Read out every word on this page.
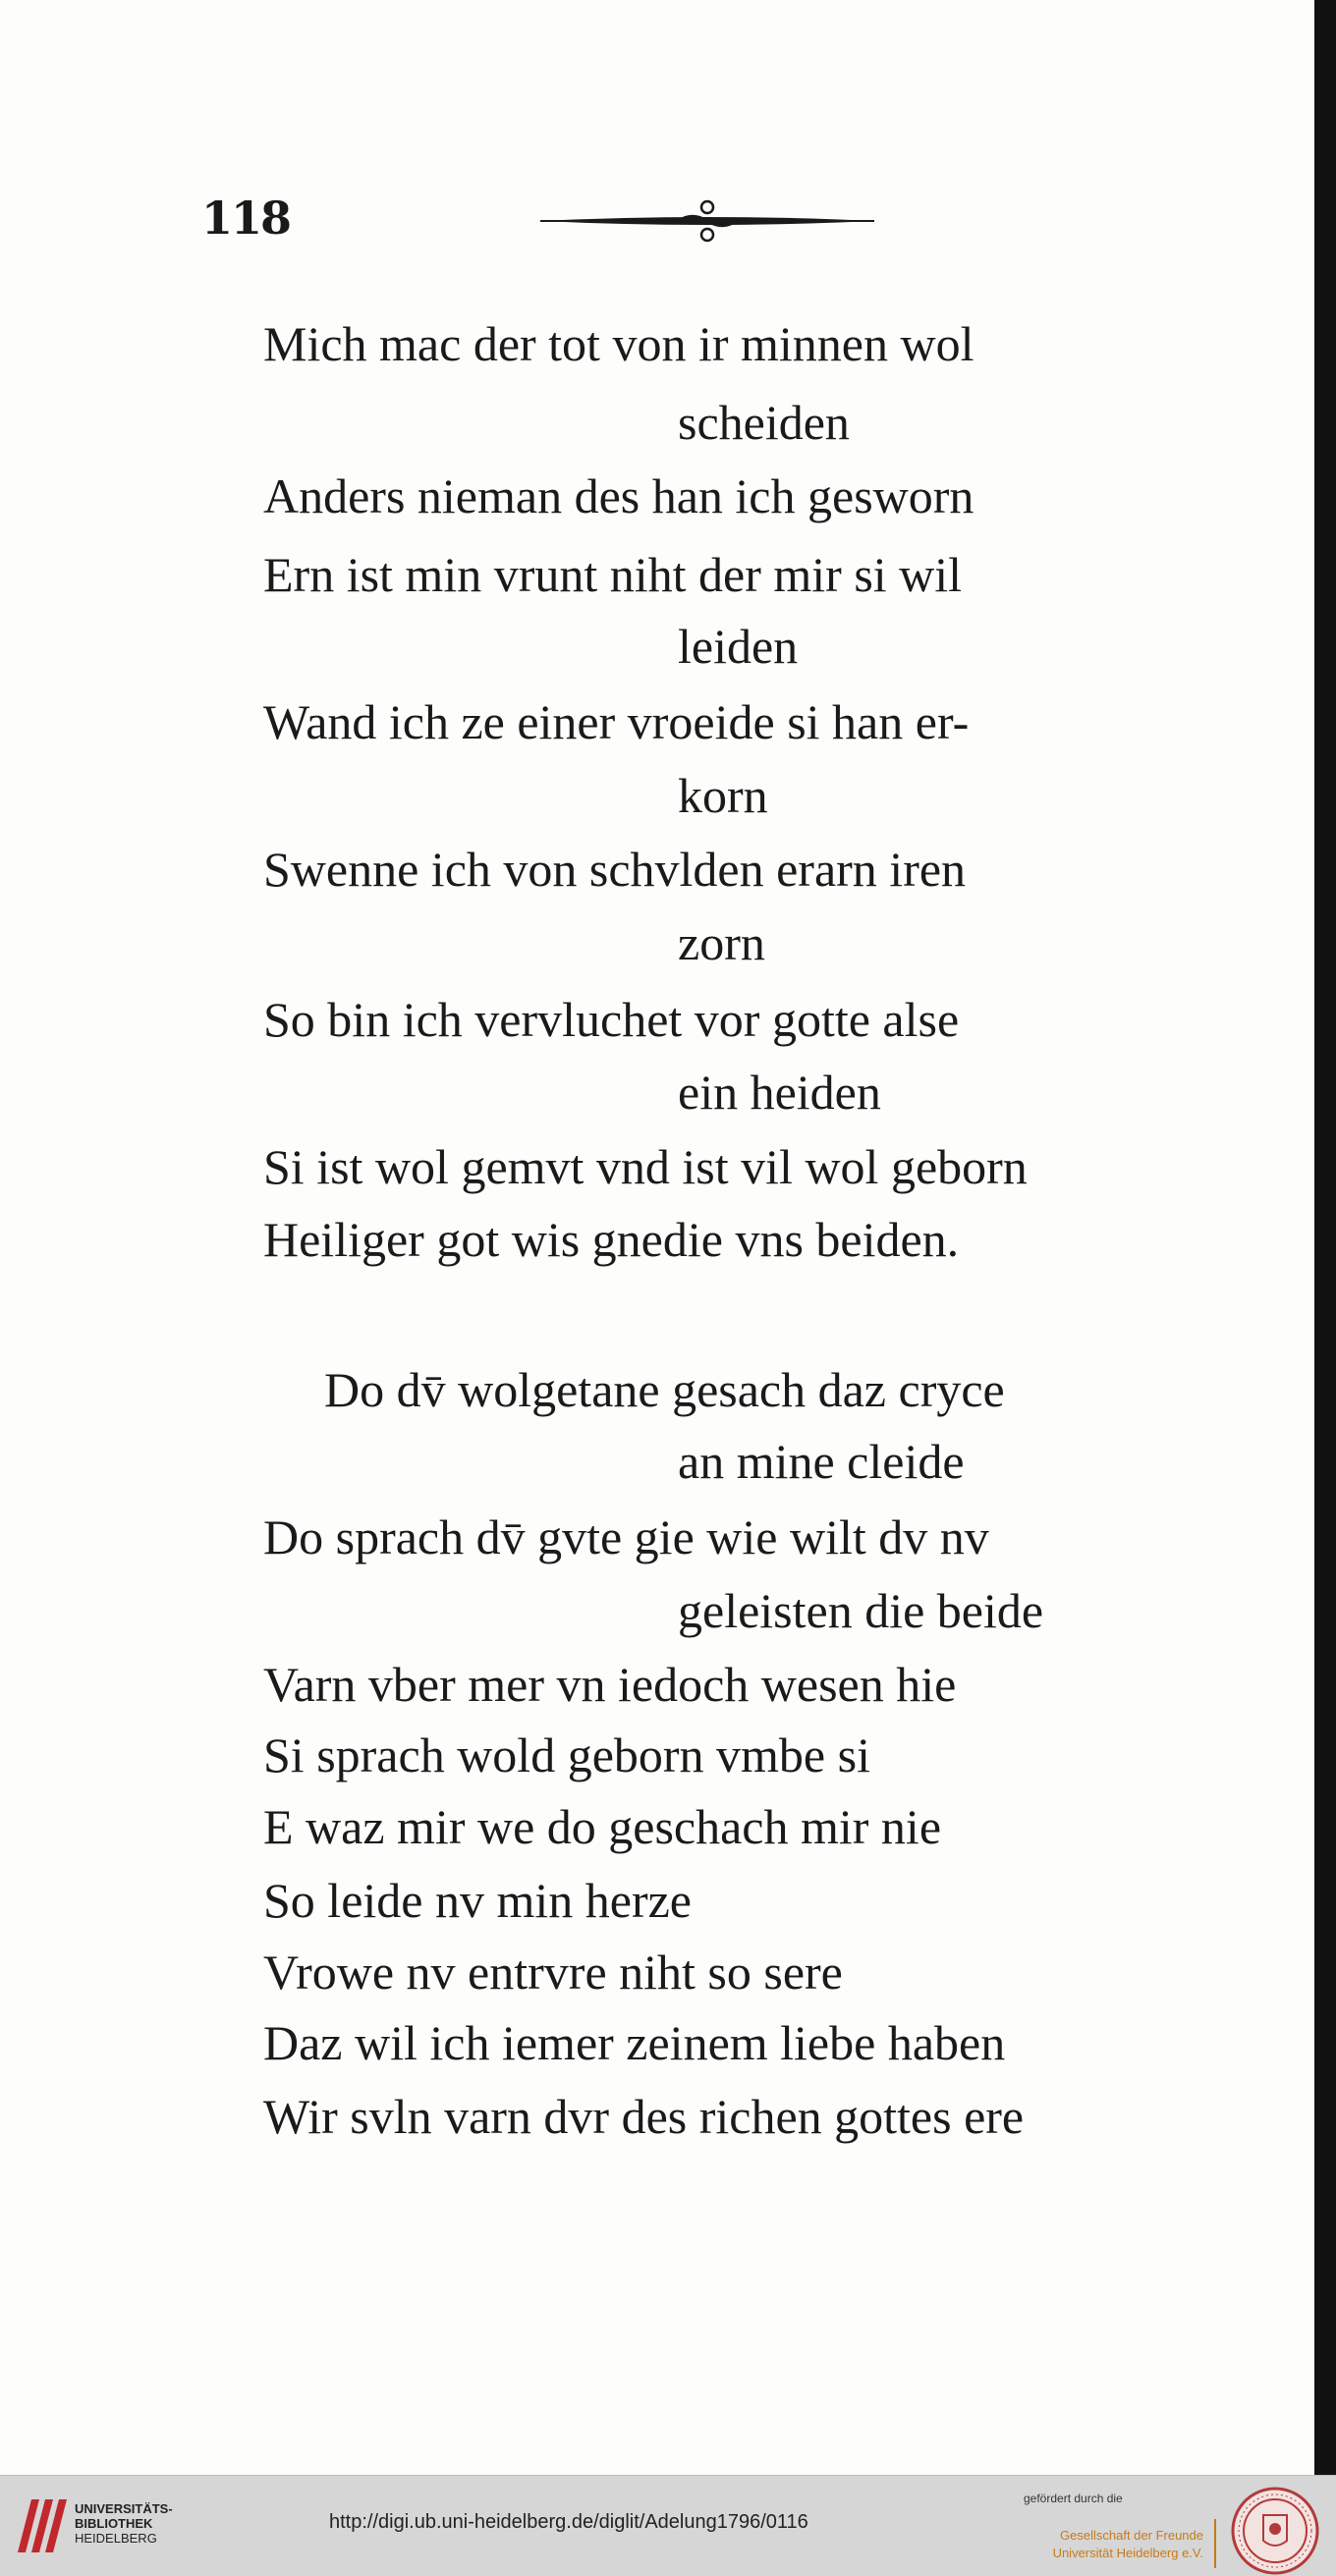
118
Mich mac der tot von ir minnen wol
scheiden
Anders nieman des han ich gesworn
Ern ist min vrunt niht der mir si wil
leiden
Wand ich ze einer vroeide si han er-
korn
Swenne ich von schvlden erarn iren
zorn
So bin ich vervluchet vor gotte alse
ein heiden
Si ist wol gemvt vnd ist vil wol geborn
Heiliger got wis gnedie vns beiden.
Do dv̄ wolgetane gesach daz cryce
an mine cleide
Do sprach dv̄ gvte gie wie wilt dv nv
geleisten die beide
Varn vber mer vn iedoch wesen hie
Si sprach wold geborn vmbe si
E waz mir we do geschach mir nie
So leide nv min herze
Vrowe nv entrvre niht so sere
Daz wil ich iemer zeinem liebe haben
Wir svln varn dvr des richen gottes ere
UNIVERSITÄTS-
BIBLIOTHEK
HEIDELBERG
http://digi.ub.uni-heidelberg.de/diglit/Adelung1796/0116
gefördert durch die
Gesellschaft der Freunde
Universität Heidelberg e.V.
